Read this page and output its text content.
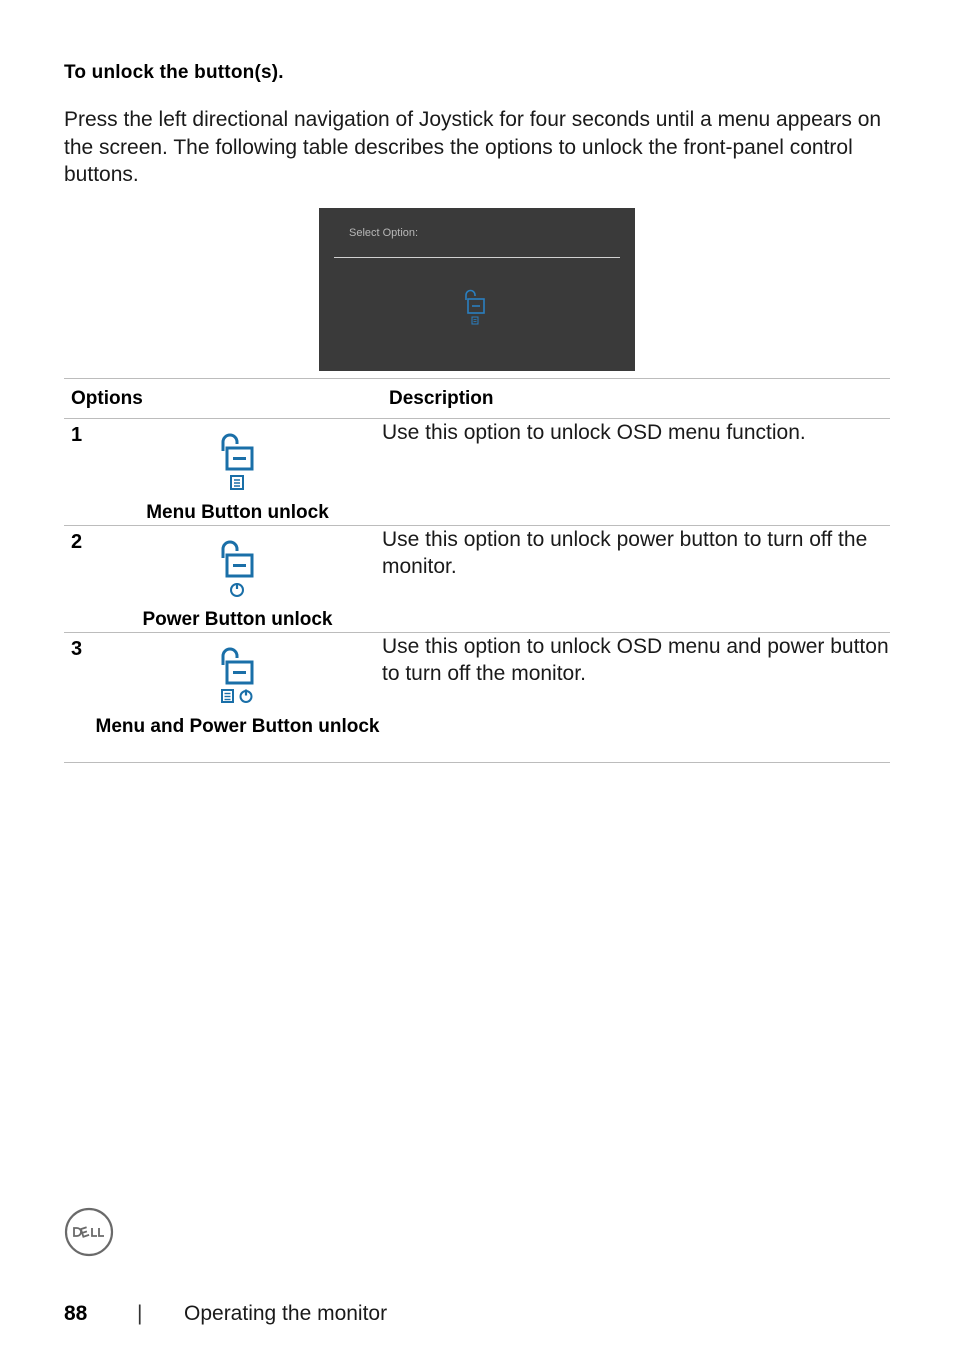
To unlock the button(s).
Press the left directional navigation of Joystick for four seconds until a menu appears on the screen. The following table describes the options to unlock the front-panel control buttons.
Select Option:
Options	Description

1
Menu Button unlock	Use this option to unlock OSD menu function.

2
Power Button unlock	Use this option to unlock power button to turn off the monitor.

3
Menu and Power Button unlock	Use this option to unlock OSD menu and power button to turn off the monitor.
88 | Operating the monitor
